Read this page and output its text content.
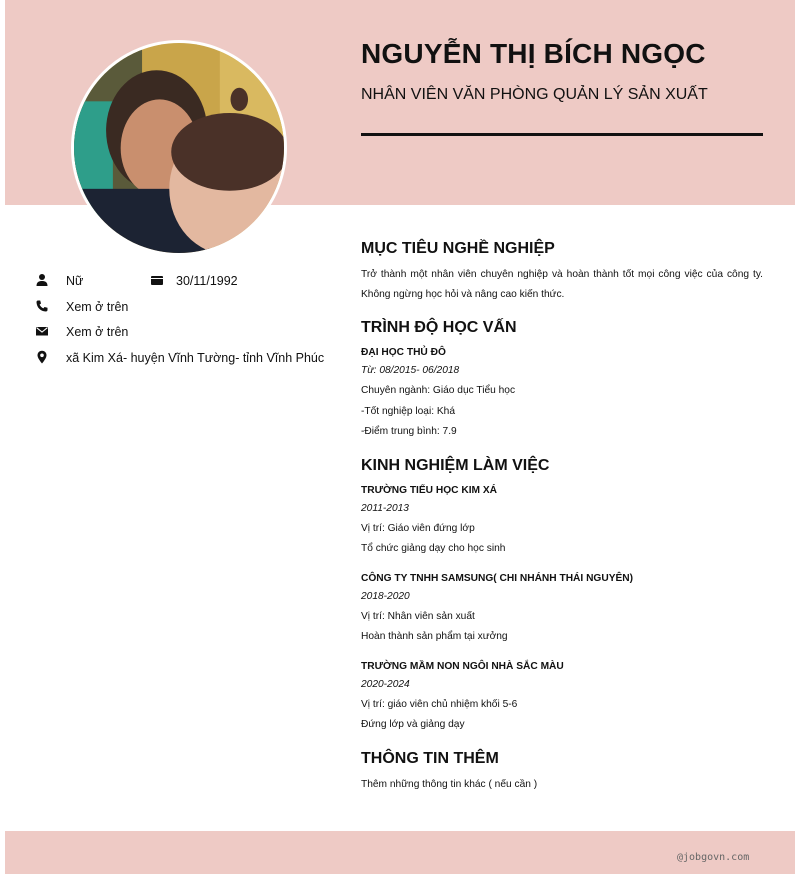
NGUYỄN THỊ BÍCH NGỌC
NHÂN VIÊN VĂN PHÒNG QUẢN LÝ SẢN XUẤT
Nữ	30/11/1992
Xem ở trên
Xem ở trên
xã Kim Xá- huyện Vĩnh Tường- tỉnh Vĩnh Phúc
MỤC TIÊU NGHỀ NGHIỆP
Trở thành một nhân viên chuyên nghiệp và hoàn thành tốt mọi công việc của công ty. Không ngừng học hỏi và nâng cao kiến thức.
TRÌNH ĐỘ HỌC VẤN
ĐẠI HỌC THỦ ĐÔ
Từ: 08/2015- 06/2018
Chuyên ngành: Giáo dục Tiểu học
-Tốt nghiệp loại: Khá
-Điểm trung bình: 7.9
KINH NGHIỆM LÀM VIỆC
TRƯỜNG TIỂU HỌC KIM XÁ
2011-2013
Vị trí: Giáo viên đứng lớp
Tổ chức giảng dạy cho học sinh
CÔNG TY TNHH SAMSUNG( CHI NHÁNH THÁI NGUYÊN)
2018-2020
Vị trí: Nhân viên sản xuất
Hoàn thành sản phẩm tại xưởng
TRƯỜNG MẦM NON NGÔI NHÀ SẮC MÀU
2020-2024
Vị trí: giáo viên chủ nhiệm khối 5-6
Đứng lớp và giảng dạy
THÔNG TIN THÊM
Thêm những thông tin khác ( nếu cần )
@jobgovn.com
